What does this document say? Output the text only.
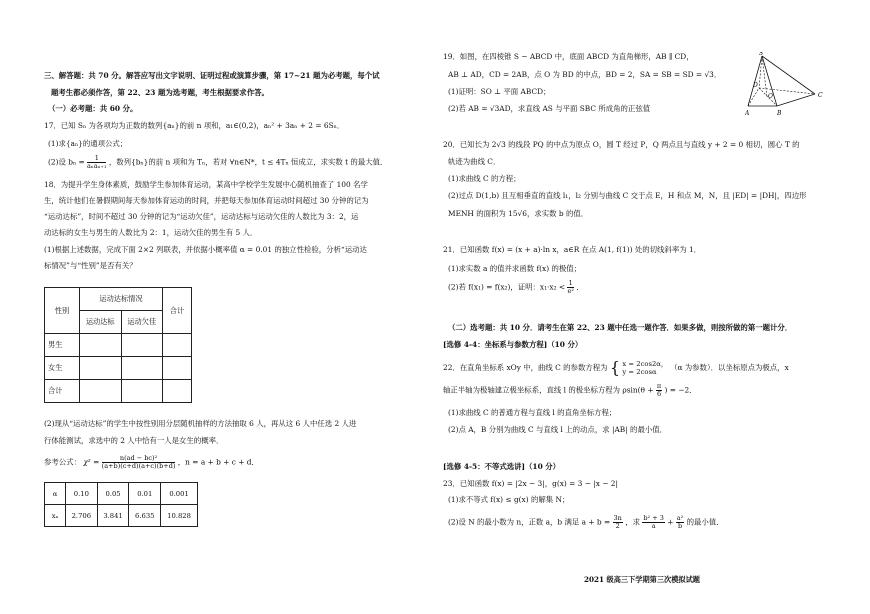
三、解答题：共 70 分。解答应写出文字说明、证明过程或演算步骤，第 17~21 题为必考题，每个试
题考生都必须作答，第 22、23 题为选考题，考生根据要求作答。
（一）必考题：共 60 分。
17．已知 Sₙ 为各项均为正数的数列{aₙ}的前 n 项和，a₁∈(0,2)，aₙ² + 3aₙ + 2 = 6Sₙ．
(1)求{aₙ}的通项公式；
(2)设 $b_n = \frac{1}{\text{aₙaₙ₊₁}}$ ，数列{bₙ}的前 n 项和为 Tₙ，若对 ∀n∈N*，t ≤ 4Tₙ 恒成立，求实数 t 的最大值．
18．为提升学生身体素质，鼓励学生参加体育运动，某高中学校学生发展中心随机抽查了 100 名学
生，统计他们在暑假期间每天参加体育运动的时间，并把每天参加体育运动时间超过 30 分钟的记为
“运动达标”，时间不超过 30 分钟的记为“运动欠佳”，运动达标与运动欠佳的人数比为 3：2，运
动达标的女生与男生的人数比为 2：1，运动欠佳的男生有 5 人．
(1)根据上述数据，完成下面 2×2 列联表，并依据小概率值 α = 0.01 的独立性检验，分析“运动达
标情况”与“性别”是否有关？
性别	运动达标情况		合计
	运动达标	运动欠佳	
男生			
女生			
合计			
(2)现从“运动达标”的学生中按性别用分层随机抽样的方法抽取 6 人，再从这 6 人中任选 2 人进
行体能测试，求选中的 2 人中恰有一人是女生的概率．
参考公式： $\chi^2 = \frac{\text{n(ad − bc)²}}{(a+b)(c+d)(a+c)(b+d)}$ ，n = a + b + c + d．
α	0.10	0.05	0.01	0.001
xₐ	2.706	3.841	6.635	10.828
19．如图，在四棱锥 S − ABCD 中，底面 ABCD 为直角梯形，AB ∥ CD，
AB ⊥ AD，CD = 2AB，点 O 为 BD 的中点，BD = 2，SA = SB = SD = √3．
(1)证明：SO ⊥ 平面 ABCD；
(2)若 AB = √3AD，求直线 AS 与平面 SBC 所成角的正弦值
S
D
C
O
A	B
20．已知长为 2√3 的线段 PQ 的中点为原点 O，圆 T 经过 P，Q 两点且与直线 y + 2 = 0 相切，圆心 T 的
轨迹为曲线 C．
(1)求曲线 C 的方程；
(2)过点 D(1,b) 且互相垂直的直线 l₁，l₂ 分别与曲线 C 交于点 E，H 和点 M，N，且 |ED| = |DH|，四边形
MENH 的面积为 15√6，求实数 b 的值．
21．已知函数 f(x) = (x + a)·ln x，a∈R 在点 A(1, f(1)) 处的切线斜率为 1．
(1)求实数 a 的值并求函数 f(x) 的极值；
(2)若 f(x₁) = f(x₂)，证明：$x_1\cdot x_2 < \frac{1}{\text{e²}}$ ．
（二）选考题：共 10 分．请考生在第 22、23 题中任选一题作答．如果多做，则按所做的第一题计分．
[选修 4-4：坐标系与参数方程]（10 分）
22．在直角坐标系 xOy 中，曲线 C 的参数方程为 { x = 2cos2α，
y = 2cosα	（α 为参数）．以坐标原点为极点，x
轴正半轴为极轴建立极坐标系，直线 l 的极坐标方程为 $\rho\sin(\theta + \frac{\pi}{6}$ ) = −2．
(1)求曲线 C 的普通方程与直线 l 的直角坐标方程；
(2)点 A，B 分别为曲线 C 与直线 l 上的动点，求 |AB| 的最小值．
[选修 4-5：不等式选讲]（10 分）
23．已知函数 f(x) = |2x − 3|，g(x) = 3 − |x − 2|
(1)求不等式 f(x) ≤ g(x) 的解集 N；
(2)设 N 的最小数为 n，正数 a，b 满足 $a + b = \frac{3n}{2}$ ，求 $\frac{\text{b² + 3}}{a} + \frac{\text{a²}}{b}$ 的最小值．
2021 级高三下学期第三次模拟试题
